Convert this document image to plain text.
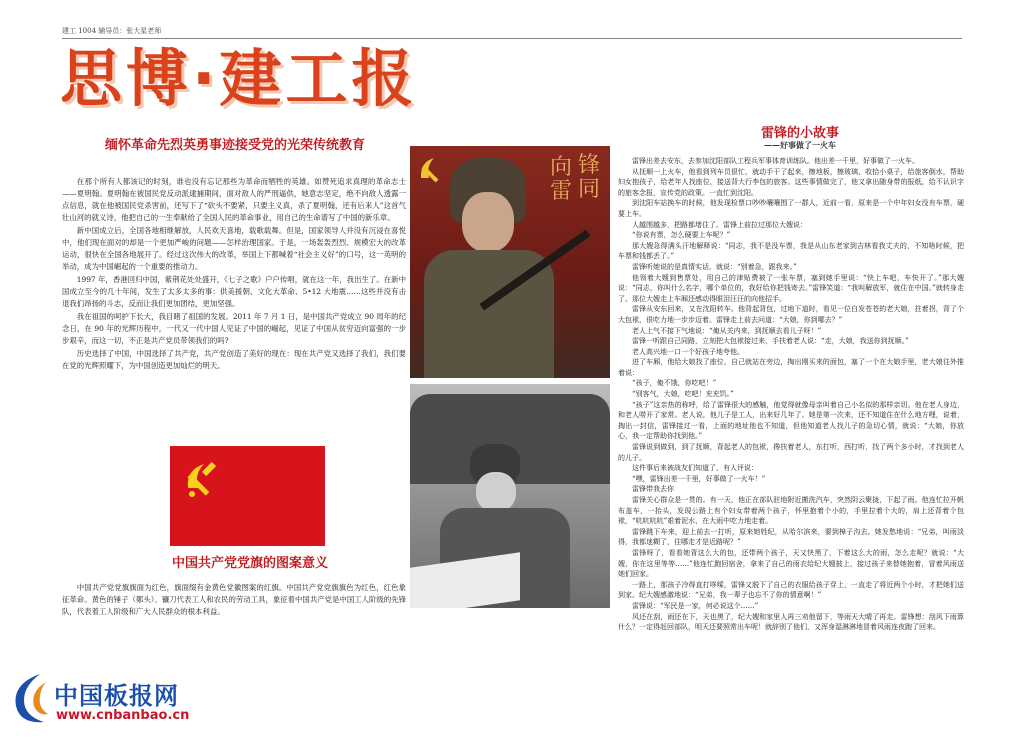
建工 1004 辅导员：张大星老师
思博·建工报
缅怀革命先烈英勇事迹接受党的光荣传统教育

在那个所有人都该记的时刻，谁也没有忘记那些为革命而牺牲的英雄。如赞死追求真理的革命志士——夏明翰。夏明翰在被国民党反动派逮捕期间，面对敌人的严刑逼供，她意志坚定，绝不向敌人透露一点信息，就在他被国民党杀害前，还写下了“砍头不要紧，只要主义真，杀了夏明翰，还有后来人”这首气壮山河的就义诗，他把自己的一生奉献给了全国人民的革命事业，用自己的生命谱写了中国的新乐章。

新中国成立后，全国各地相继解放，人民欢天喜地，载歌载舞。但是，国家领导人并没有沉浸在喜悦中，他们现在面对的却是一个更加严峻的问题——怎样治理国家。于是，一场轰轰烈烈、规模宏大的改革运动，很快在全国各地展开了。经过这次伟大的改革，举国上下都喊着“社会主义好”的口号，这一英明的举动，成为中国崛起的一个重要的推动力。

1997 年，香港回归中国，紫荆花处处盛开，《七子之歌》户户传唱，就在这一年，我出生了。在新中国成立至今的几十年间，发生了太多太多的事：供美援朝、文化大革命、5•12 大地震……这些并没有击退我们昂扬的斗志，反而让我们更加团结，更加坚强。

我在祖国的呵护下长大，我目睹了祖国的发展。2011 年 7 月 1 日，是中国共产党成立 90 周年的纪念日，在 90 年的光辉历程中，一代又一代中国人见证了中国的崛起，见证了中国从贫穷迈向富强的一步步艰辛，而这一切，不正是共产党员带领我们的吗?

历史选择了中国，中国选择了共产党，共产党创造了美好的现在：现在共产党又选择了我们，我们要在党的光辉照耀下，为中国创造更加灿烂的明天。

中国共产党党旗的图案意义
中国共产党党旗旗面为红色，旗面缀有金黄色党徽图案的红旗。中国共产党党旗旗色为红色，红色象征革命。黄色的锤子（鄚头）、镰刀代表工人和农民的劳动工具，象征着中国共产党是中国工人阶级的先锋队，代表着工人阶级和广大人民群众的根本利益。
向雷
锋同
雷锋的小故事
——好事做了一火车

雷锋出差去安东，去参加沈阳部队工程兵军事体育训练队。他出差一千里，好事做了一火车。

从抚顺一上火车，他看到列车员很忙，就动手干了起来，擦地板，擦玻璃，收拾小桌子，给旅客倒水，帮助妇女抱孩子，给老年人找座位，接送背大行李包的旅客。这些事情做完了，他又拿出随身带的报纸，给不认识字的旅客念报，宣传党的政策。一直忙到沈阳。

到沈阳车站换车的时候，他发现检票口吵吵嚷嚷围了一群人，近前一看，原来是一个中年妇女没有车票，硬要上车。

人越围越多，把路都堵住了。雷锋上前拉过那位大嫂说：

“你说有票，怎么硬要上车呢？”

那大嫂急得满头汗地解释说：“同志，我不是没车票，我是从山东老家到吉林看我丈夫的，不知啥时候，把车票和钱都丢了。”

雷锋听她说的是真情实话，就说：“别着急，跟我来。”

他领着大嫂到售票处，用自己的津贴费被了一张车票，塞到她手里说：“快上车吧，车快开了。”那大嫂说：“同志，你叫什么名字，哪个单位的，我好给你把钱寄去。”雷锋笑道：“我叫解放军，就住在中国。”就转身走了。那位大嫂走上车厢还感动得眼泪汪汪的向他招手。

雷锋从安东回来，又在沈阳转车。他背起背包，过地下道时，看见一位白发苍苍的老大娘，拄着拐，背了个大包袱，很吃力地一步步迈着。雷锋走上前去问道：“大娘，你到哪去？”

老人上气不接下气地说：“俺从关内来，到抚顺去看儿子呀！”

雷锋一听跟自己同路，立刻把大包袱接过来，手扶着老人说：“走，大娘，我送你到抚顺。”

老人高兴地一口一个好孩子地夸他。

进了车厢，他给大娘找了座位，自己就站在旁边，掏出刚买来的面包，塞了一个在大娘手里，老大娘往外推着说：

“孩子，俺不饿，你吃吧！”

“别客气，大娘，吃吧！充充饥。”

“孩子”这亲热的称呼，给了雷锋很大的感触，他觉得就像母亲叫着自己小名似的那样亲切。他在老人身边，和老人唠开了家常。老人说，他儿子是工人，出来好几年了。她是第一次来，还不知道住在什么地方哩，说着，掏出一封信，雷锋接过一看，上面的地址他也不知道，但他知道老人找儿子的急切心情，就说：“大娘，你放心，我一定帮助你找到他。”

雷锋说到做到，到了抚顺，背起老人的包袱，搀扶着老人，东打听，西打听，找了两个多小时，才找到老人的儿子。

这件事后来被战友们知道了，有人评说：

“嘿，雷锋出差一千里，好事做了一火车！”

雷锋带我去你

雷锋关心群众是一贯的。有一天，他正在部队驻地附近搬洗汽车，突然阴云聚拢，下起了雨。他连忙拉开帆布盖车，一抬头，发现公路上有个妇女带着两个孩子，怀里抱着个小的，手里拉着个大的，肩上还背着个包袱，“吭吭吭吭”艰着泥水，在大雨中吃力地走着。

雷锋跳下车来，迎上前去一打听，原来她姓纪，从哈尔滨来，要到樟子沟去。她发愁地说：“兄弟，叫雨淡得，我都迷糊了，往哪走才是近路呢？”

雷锋呀了，看看她背这么大的包，还带两个孩子，天又快黑了，下着这么大的雨，怎么走呢？就说：“大嫂，你在这里等等……”他连忙跑回宿舍，拿来了自己的雨衣给纪大嫂披上，接过孩子来替她抱着，冒着风雨送她们回家。

一路上，那孩子冷得直打哆嗦，雷锋又脱下了自己的衣服给孩子穿上，一直走了将近两个小时，才把她们送到家。纪大嫂感激地说：“兄弟，我一辈子也忘不了你的情意啊！”

雷锋说：“军民是一家，何必说这个……”

风还在刮，雨还在下，天也黑了，纪大嫂和家里人再三劝他留下，等雨天大晴了再走。雷锋想：刮风下雨算什么？一定得赶回部队，明天还要照常出车呢！就辞别了他们，又浑身湿淋淋地冒着风雨连夜跑了回来。

中国板报网
www.cnbanbao.cn
